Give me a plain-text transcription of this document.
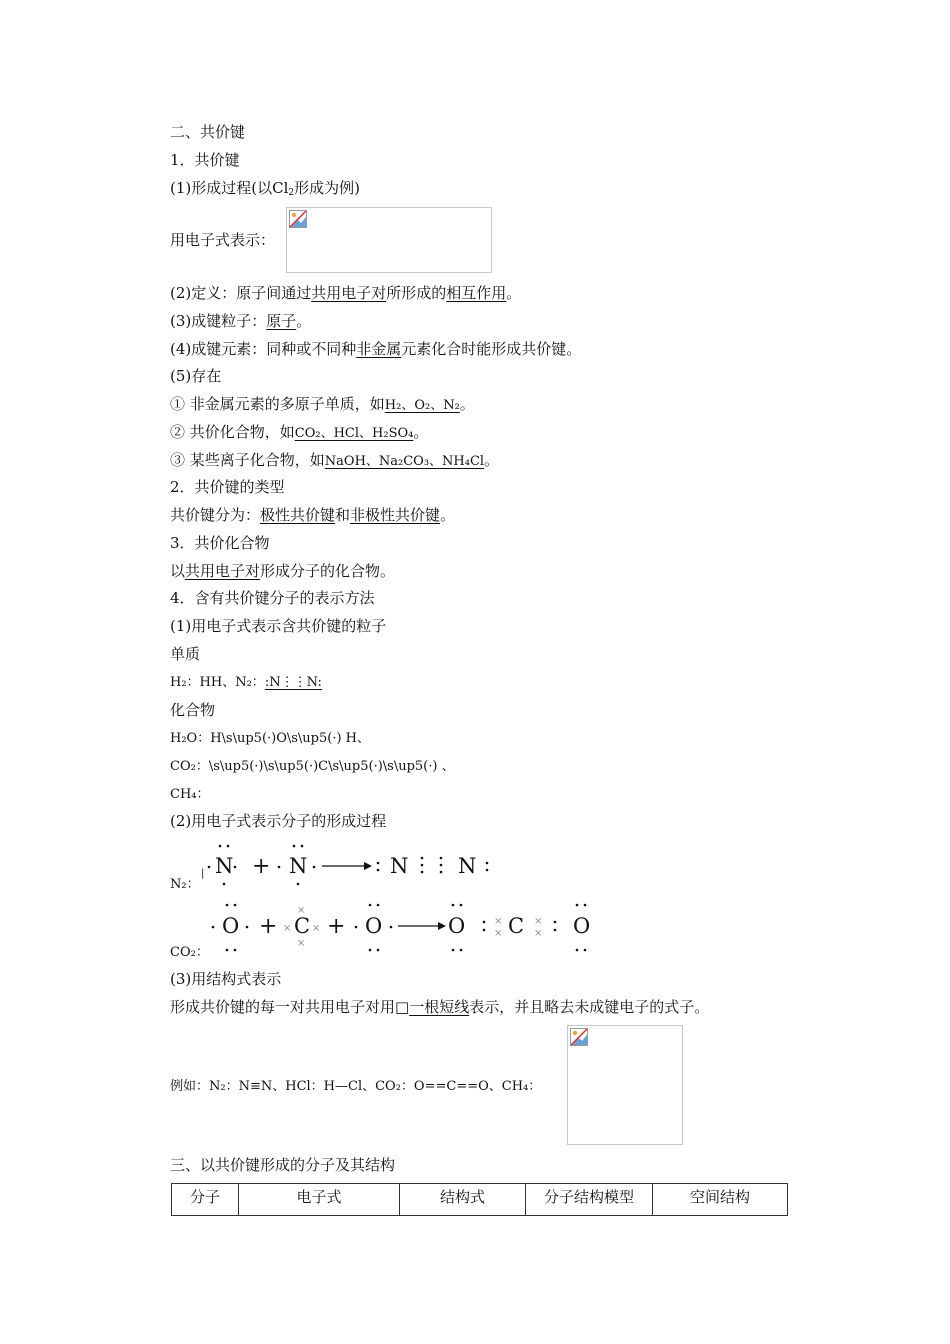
二、共价键
1．共价键
(1)形成过程(以$Cl_2$形成为例)
用电子式表示：
(2)定义：原子间通过共用电子对所形成的相互作用。
(3)成键粒子：原子。
(4)成键元素：同种或不同种非金属元素化合时能形成共价键。
(5)存在
① 非金属元素的多原子单质，如H₂、O₂、N₂。
② 共价化合物，如CO₂、HCl、H₂SO₄。
③ 某些离子化合物，如NaOH、Na₂CO₃、NH₄Cl。
2．共价键的类型
共价键分为：极性共价键和非极性共价键。
3．共价化合物
以共用电子对形成分子的化合物。
4．含有共价键分子的表示方法
(1)用电子式表示含共价键的粒子
单质
H₂：HH、N₂：:N⋮⋮N:
化合物
H₂O：H\s\up5(·)O\s\up5(·) H、
CO₂：\s\up5(·)\s\up5(·)C\s\up5(·)\s\up5(·) 、
CH₄：
(2)用电子式表示分子的形成过程
N₂：
| N + N	N N
CO₂：
O +
×
× C ×
×
+ O	O	×
× C ×
× O
(3)用结构式表示
形成共价键的每一对共用电子对用□一根短线表示，并且略去未成键电子的式子。
例如：N₂：N≡N、HCl：H—Cl、CO₂：O==C==O、CH₄：
三、以共价键形成的分子及其结构
分子	电子式	结构式	分子结构模型	空间结构
